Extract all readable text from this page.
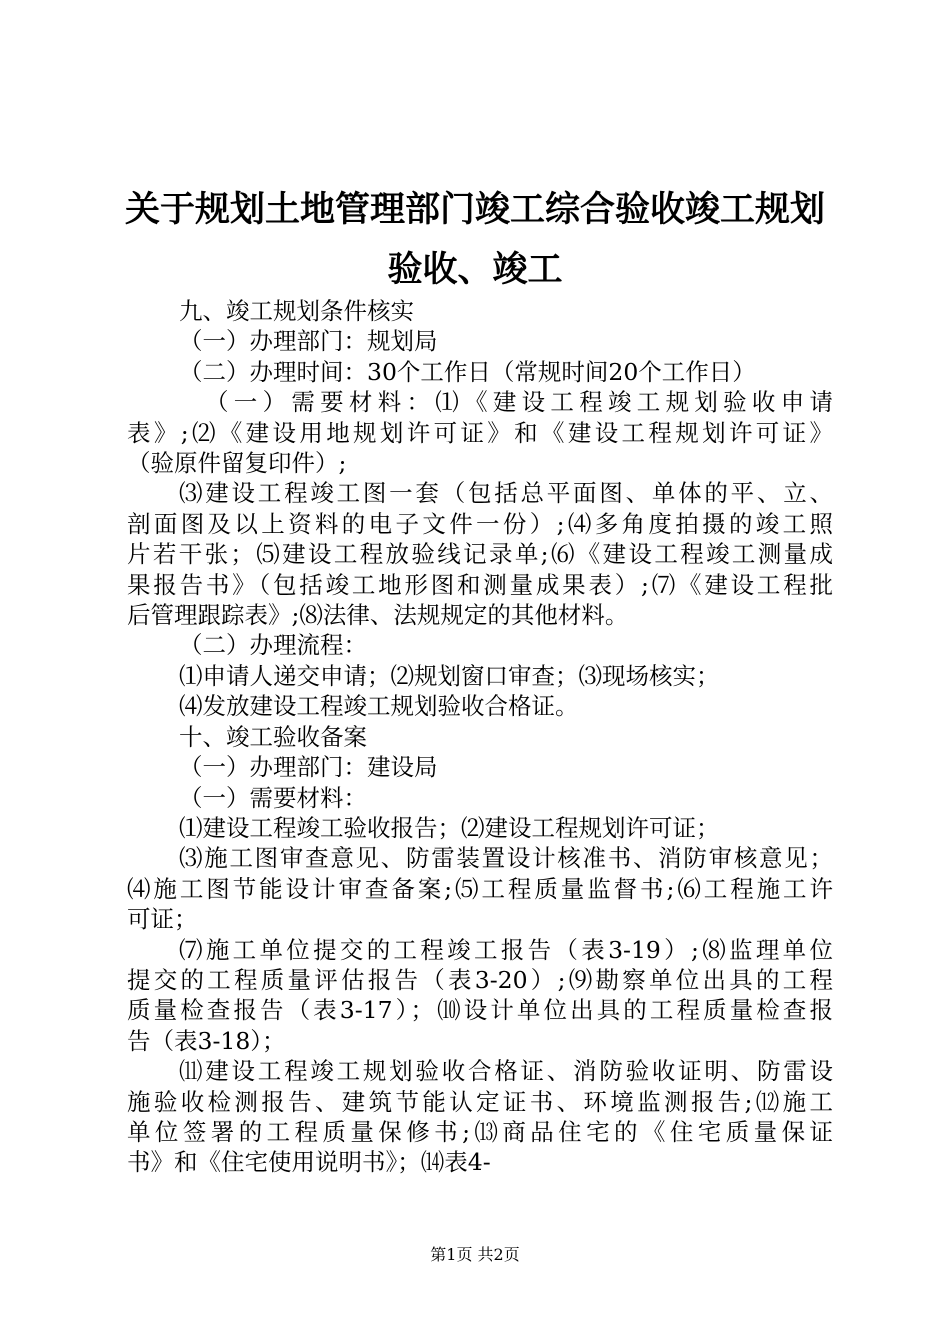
关于规划土地管理部门竣工综合验收竣工规划
验收、竣工

九、竣工规划条件核实

（一）办理部门：规划局

（二）办理时间：30个工作日（常规时间20个工作日）

（一）需要材料：⑴《建设工程竣工规划验收申请

表》;⑵《建设用地规划许可证》和《建设工程规划许可证》

（验原件留复印件）;

⑶建设工程竣工图一套（包括总平面图、单体的平、立、

剖面图及以上资料的电子文件一份）;⑷多角度拍摄的竣工照

片若干张；⑸建设工程放验线记录单;⑹《建设工程竣工测量成

果报告书》（包括竣工地形图和测量成果表）;⑺《建设工程批

后管理跟踪表》;⑻法律、法规规定的其他材料。

（二）办理流程：

⑴申请人递交申请；⑵规划窗口审查；⑶现场核实；

⑷发放建设工程竣工规划验收合格证。

十、竣工验收备案

（一）办理部门：建设局

（一）需要材料：

⑴建设工程竣工验收报告；⑵建设工程规划许可证；

⑶施工图审查意见、防雷装置设计核准书、消防审核意见；

⑷施工图节能设计审查备案;⑸工程质量监督书;⑹工程施工许

可证；

⑺施工单位提交的工程竣工报告（表3-19）;⑻监理单位

提交的工程质量评估报告（表3-20）;⑼勘察单位出具的工程

质量检查报告（表3-17）；⑽设计单位出具的工程质量检查报

告（表3-18）；

⑾建设工程竣工规划验收合格证、消防验收证明、防雷设

施验收检测报告、建筑节能认定证书、环境监测报告;⑿施工

单位签署的工程质量保修书;⒀商品住宅的《住宅质量保证

书》和《住宅使用说明书》；⒁表4-

第1页 共2页
